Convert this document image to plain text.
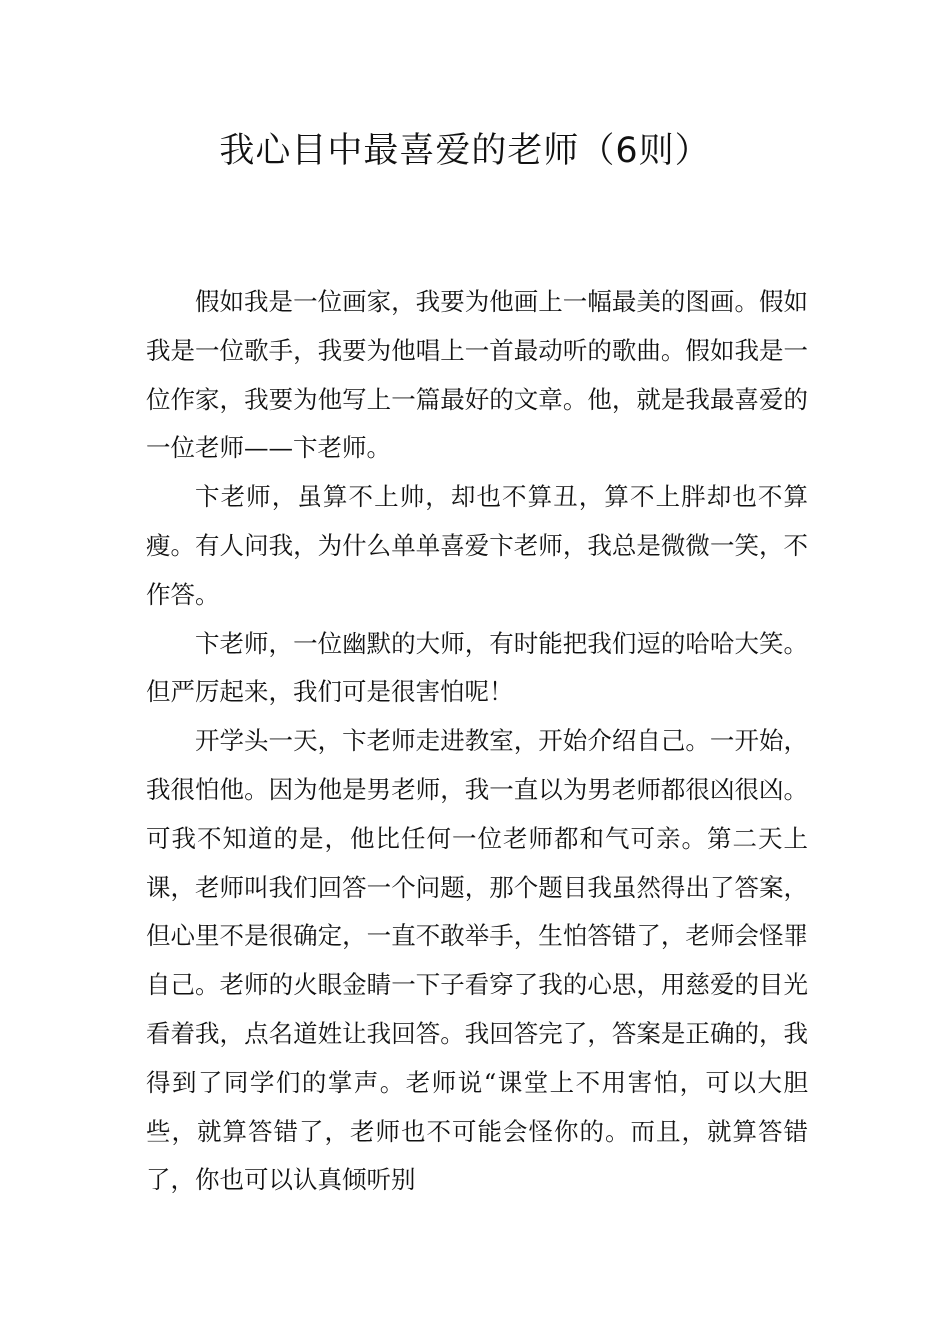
我心目中最喜爱的老师（6则）

假如我是一位画家，我要为他画上一幅最美的图画。假如我是一位歌手，我要为他唱上一首最动听的歌曲。假如我是一位作家，我要为他写上一篇最好的文章。他，就是我最喜爱的一位老师——卞老师。

卞老师，虽算不上帅，却也不算丑，算不上胖却也不算瘦。有人问我，为什么单单喜爱卞老师，我总是微微一笑，不作答。

卞老师，一位幽默的大师，有时能把我们逗的哈哈大笑。但严厉起来，我们可是很害怕呢！

开学头一天，卞老师走进教室，开始介绍自己。一开始，我很怕他。因为他是男老师，我一直以为男老师都很凶很凶。可我不知道的是，他比任何一位老师都和气可亲。第二天上课，老师叫我们回答一个问题，那个题目我虽然得出了答案，但心里不是很确定，一直不敢举手，生怕答错了，老师会怪罪自己。老师的火眼金睛一下子看穿了我的心思，用慈爱的目光看着我，点名道姓让我回答。我回答完了，答案是正确的，我得到了同学们的掌声。老师说“课堂上不用害怕，可以大胆些，就算答错了，老师也不可能会怪你的。而且，就算答错了，你也可以认真倾听别
